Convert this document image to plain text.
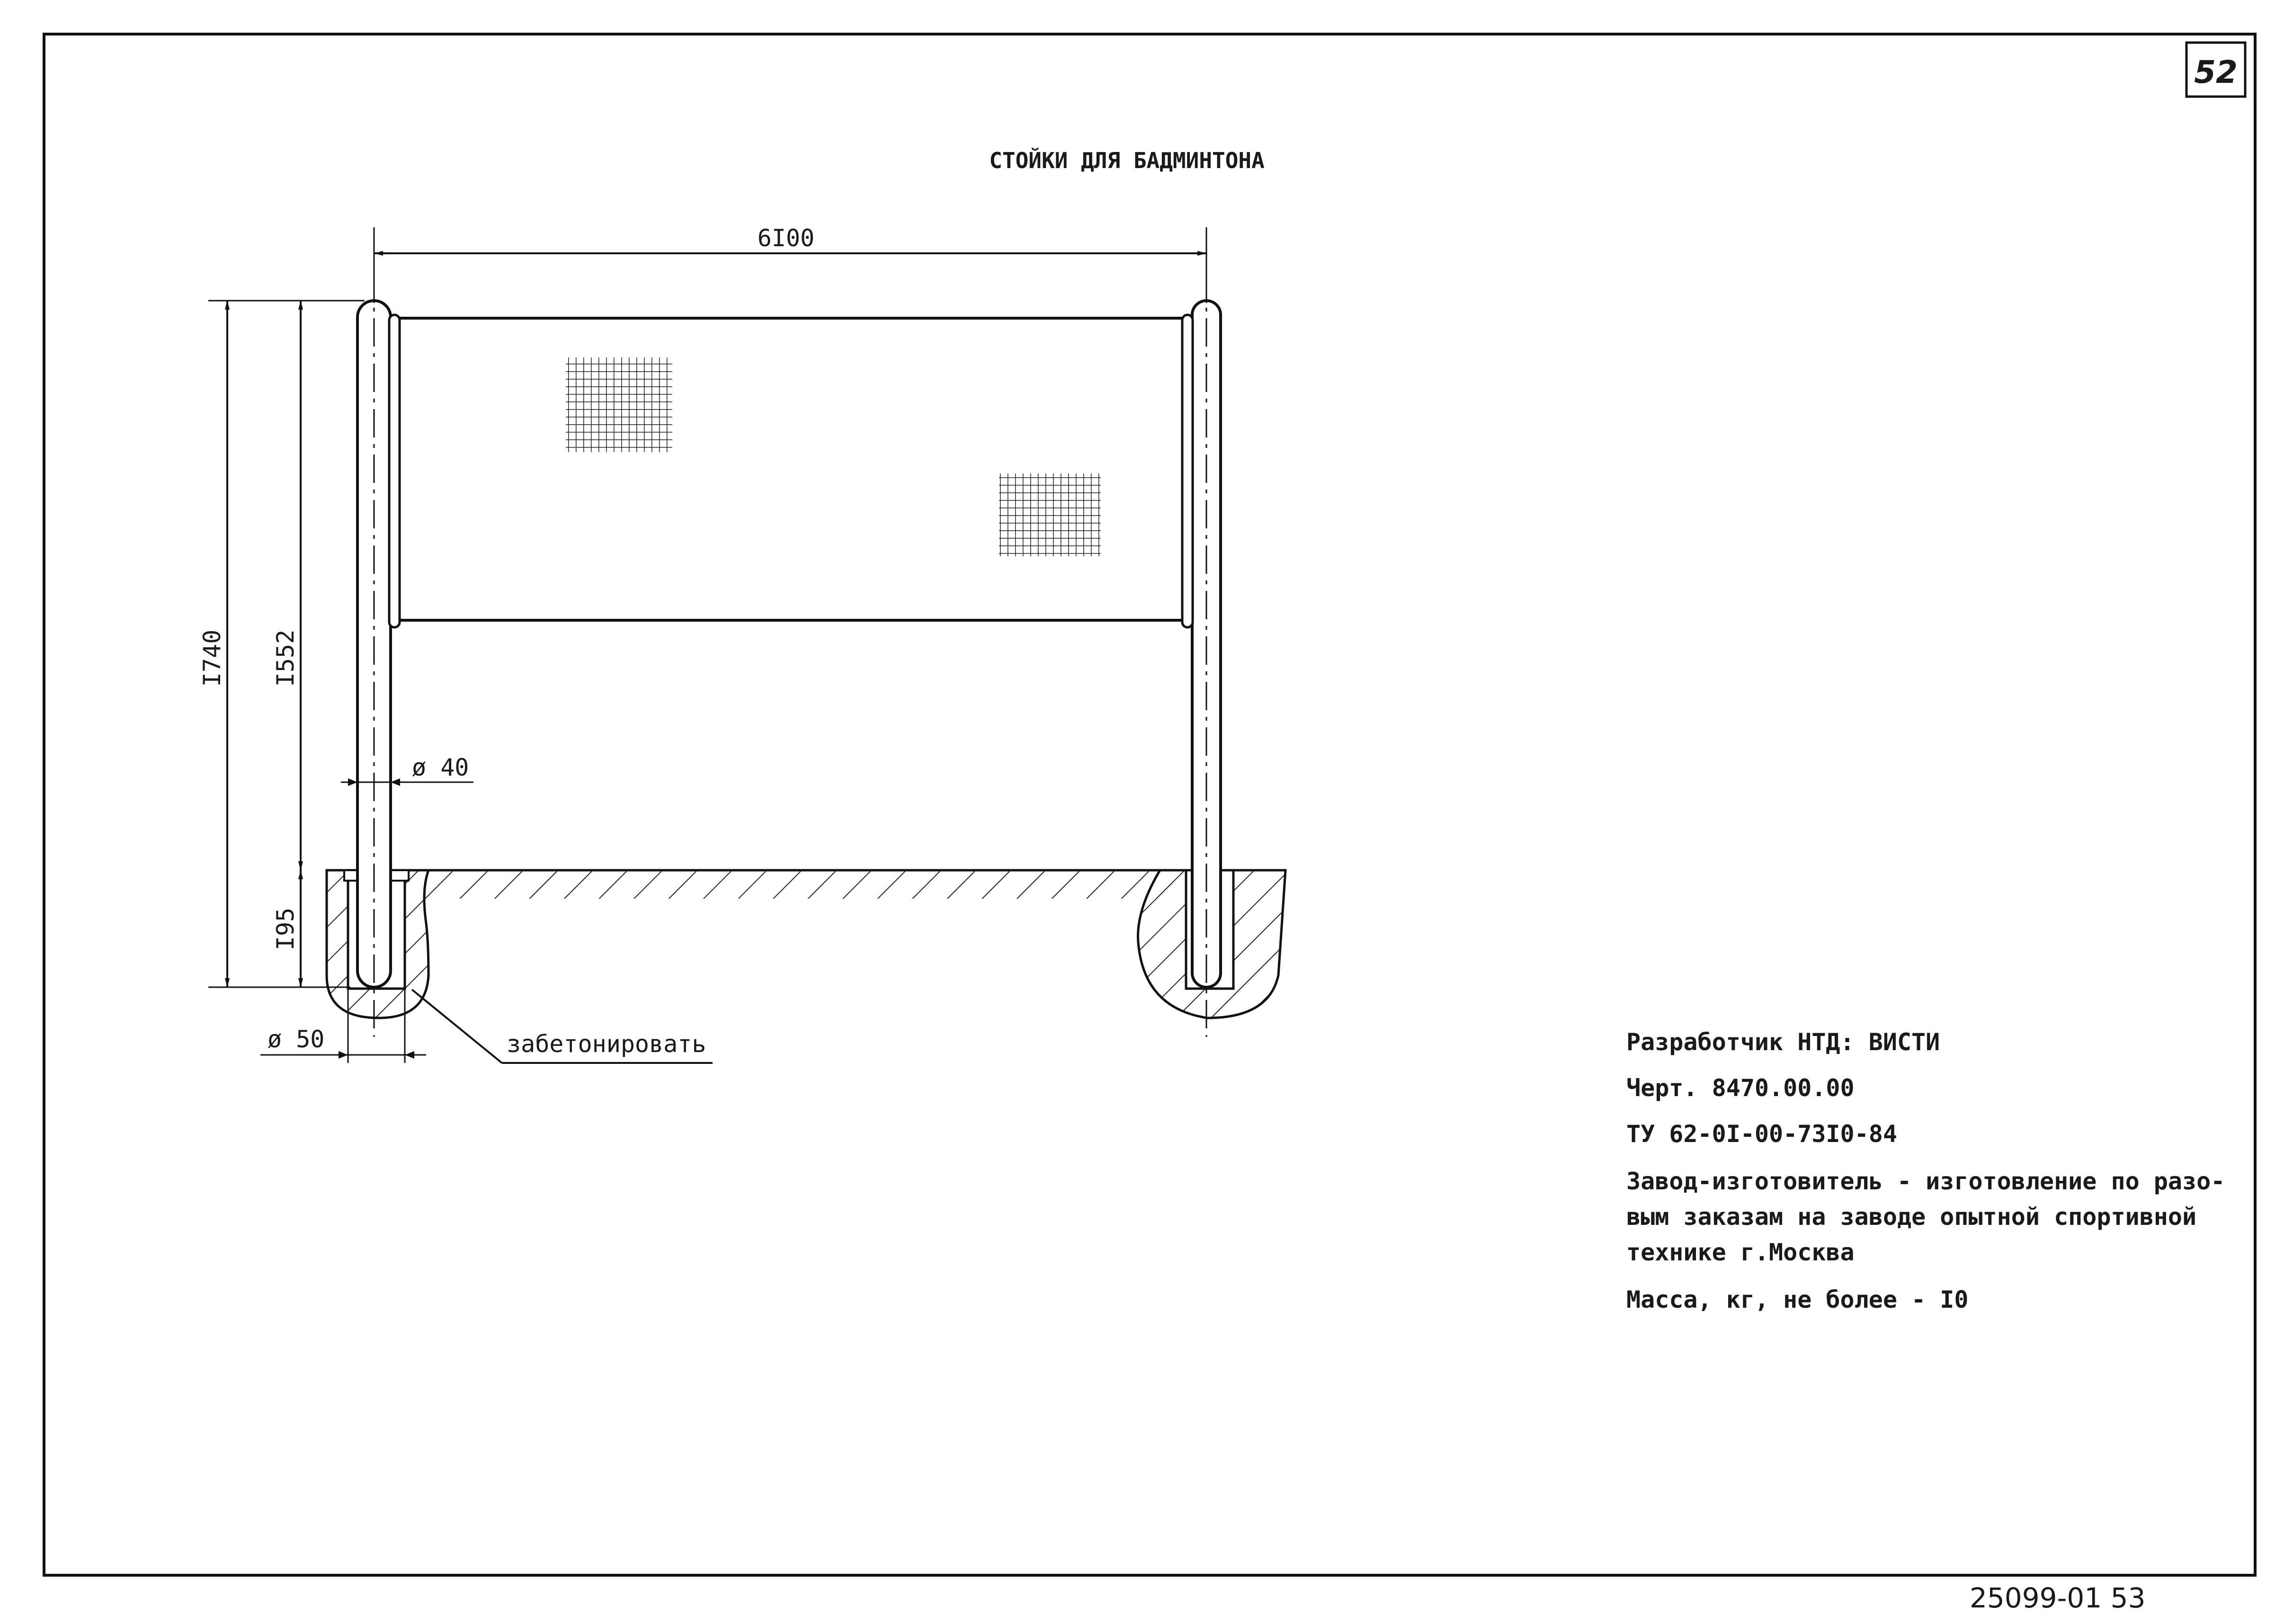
52
СТОЙКИ ДЛЯ БАДМИНТОНА
6I00
I740 I552
I95
ø 40
ø 50	забетонировать	Разработчик НТД: ВИСТИ
Черт. 8470.00.00
ТУ 62-0I-00-73I0-84
Завод-изготовитель - изготовление по разо-
вым заказам на заводе опытной спортивной
технике г.Москва
Масса, кг, не более - I0
25099-01 53
